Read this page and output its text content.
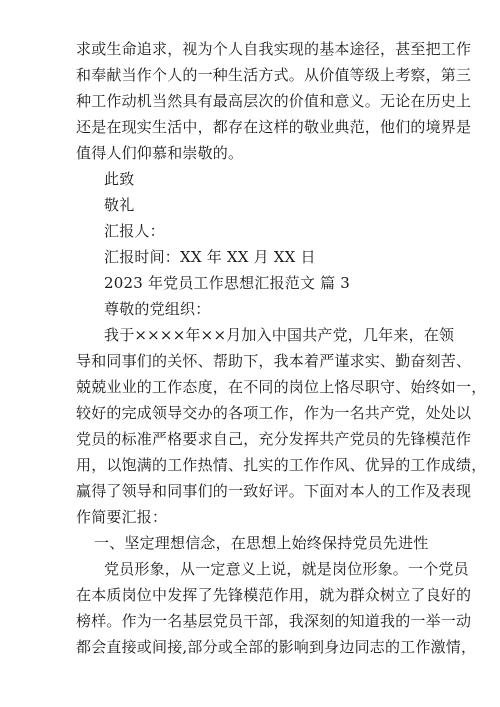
求或生命追求，视为个人自我实现的基本途径，甚至把工作
和奉献当作个人的一种生活方式。从价值等级上考察，第三
种工作动机当然具有最高层次的价值和意义。无论在历史上
还是在现实生活中，都存在这样的敬业典范，他们的境界是
值得人们仰慕和崇敬的。
此致
敬礼
汇报人：
汇报时间：XX 年 XX 月 XX 日
2023 年党员工作思想汇报范文 篇 3
尊敬的党组织：
我于××××年××月加入中国共产党，几年来，在领
导和同事们的关怀、帮助下，我本着严谨求实、勤奋刻苦、
兢兢业业的工作态度，在不同的岗位上恪尽职守、始终如一，
较好的完成领导交办的各项工作，作为一名共产党，处处以
党员的标准严格要求自己，充分发挥共产党员的先锋模范作
用，以饱满的工作热情、扎实的工作作风、优异的工作成绩，
赢得了领导和同事们的一致好评。下面对本人的工作及表现
作简要汇报：
一、坚定理想信念，在思想上始终保持党员先进性
党员形象，从一定意义上说，就是岗位形象。一个党员
在本质岗位中发挥了先锋模范作用，就为群众树立了良好的
榜样。作为一名基层党员干部，我深刻的知道我的一举一动
都会直接或间接,部分或全部的影响到身边同志的工作激情，
